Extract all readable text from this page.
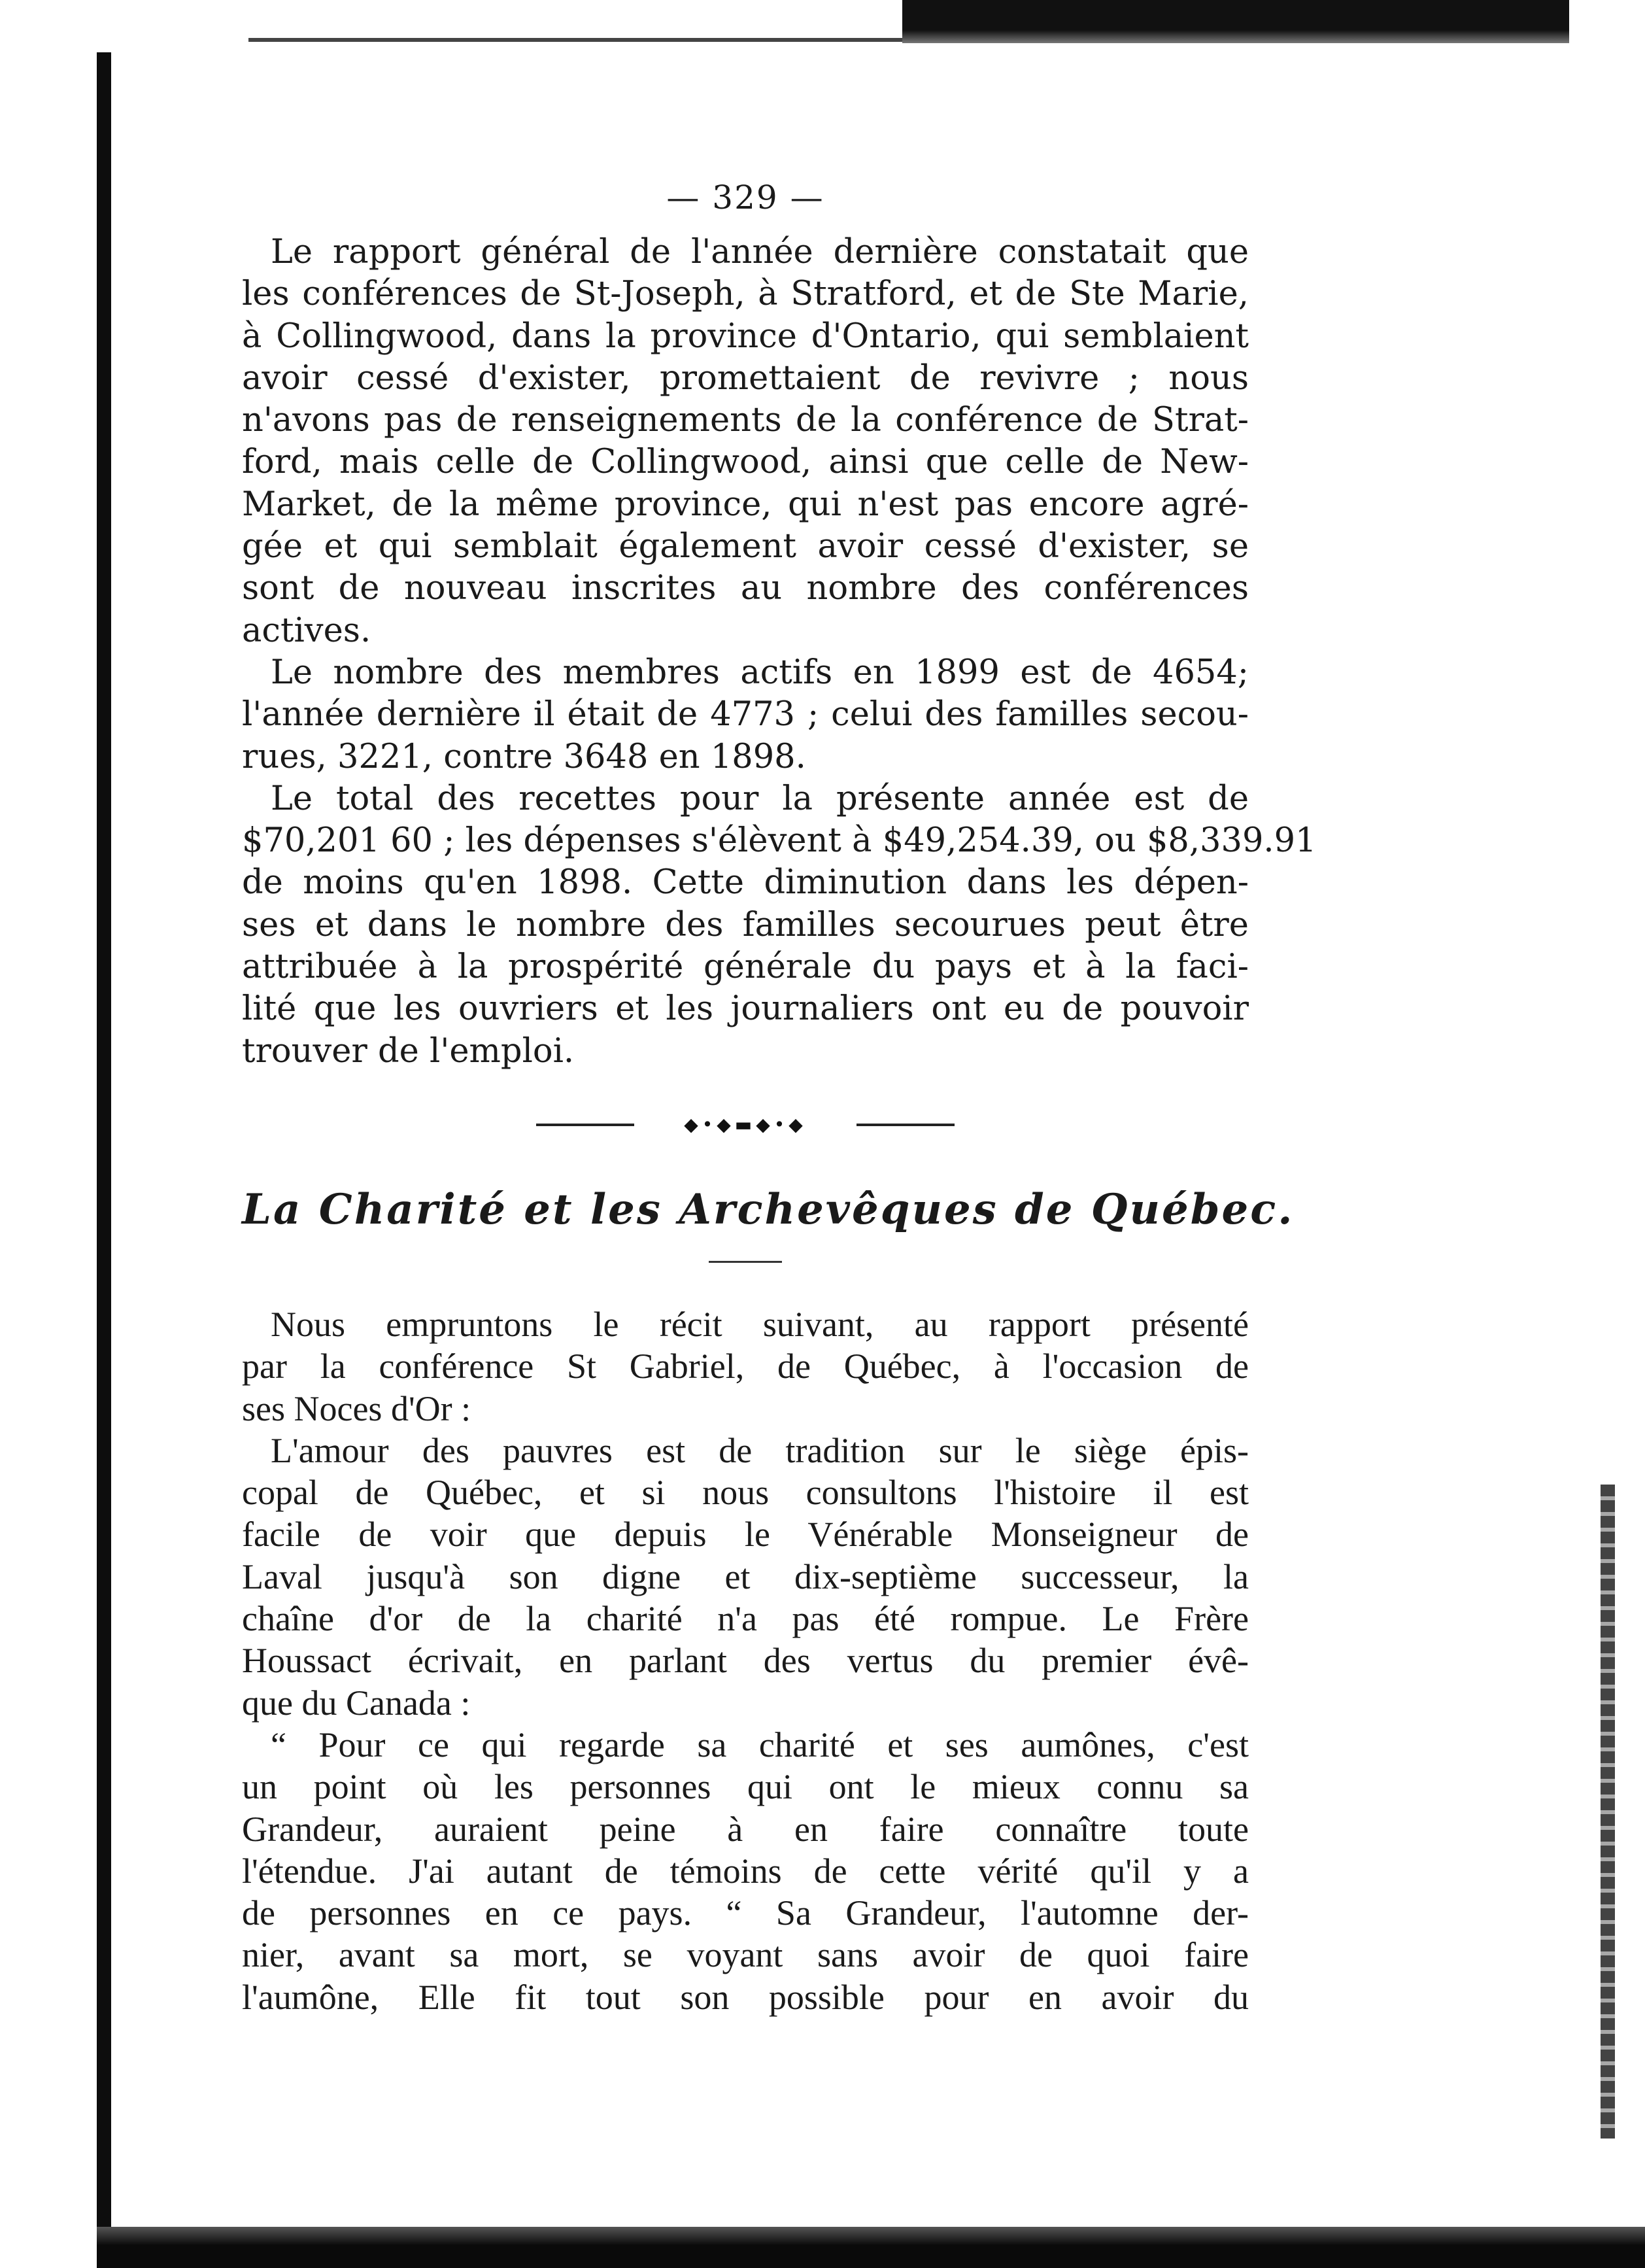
— 329 —

Le rapport général de l'année dernière constatait que
les conférences de St-Joseph, à Stratford, et de Ste Marie,
à Collingwood, dans la province d'Ontario, qui semblaient
avoir cessé d'exister, promettaient de revivre ; nous
n'avons pas de renseignements de la conférence de Strat-
ford, mais celle de Collingwood, ainsi que celle de New-
Market, de la même province, qui n'est pas encore agré-
gée et qui semblait également avoir cessé d'exister, se
sont de nouveau inscrites au nombre des conférences
actives.

Le nombre des membres actifs en 1899 est de 4654;
l'année dernière il était de 4773 ; celui des familles secou-
rues, 3221, contre 3648 en 1898.

Le total des recettes pour la présente année est de
$70,201 60 ; les dépenses s'élèvent à $49,254.39, ou $8,339.91
de moins qu'en 1898. Cette diminution dans les dépen-
ses et dans le nombre des familles secourues peut être
attribuée à la prospérité générale du pays et à la faci-
lité que les ouvriers et les journaliers ont eu de pouvoir
trouver de l'emploi.

◆•◆▬◆•◆
La Charité et les Archevêques de Québec.

Nous empruntons le récit suivant, au rapport présenté
par la conférence St Gabriel, de Québec, à l'occasion de
ses Noces d'Or :

L'amour des pauvres est de tradition sur le siège épis-
copal de Québec, et si nous consultons l'histoire il est
facile de voir que depuis le Vénérable Monseigneur de
Laval jusqu'à son digne et dix-septième successeur, la
chaîne d'or de la charité n'a pas été rompue. Le Frère
Houssact écrivait, en parlant des vertus du premier évê-
que du Canada :

“ Pour ce qui regarde sa charité et ses aumônes, c'est
un point où les personnes qui ont le mieux connu sa
Grandeur, auraient peine à en faire connaître toute
l'étendue. J'ai autant de témoins de cette vérité qu'il y a
de personnes en ce pays. “ Sa Grandeur, l'automne der-
nier, avant sa mort, se voyant sans avoir de quoi faire
l'aumône, Elle fit tout son possible pour en avoir du
